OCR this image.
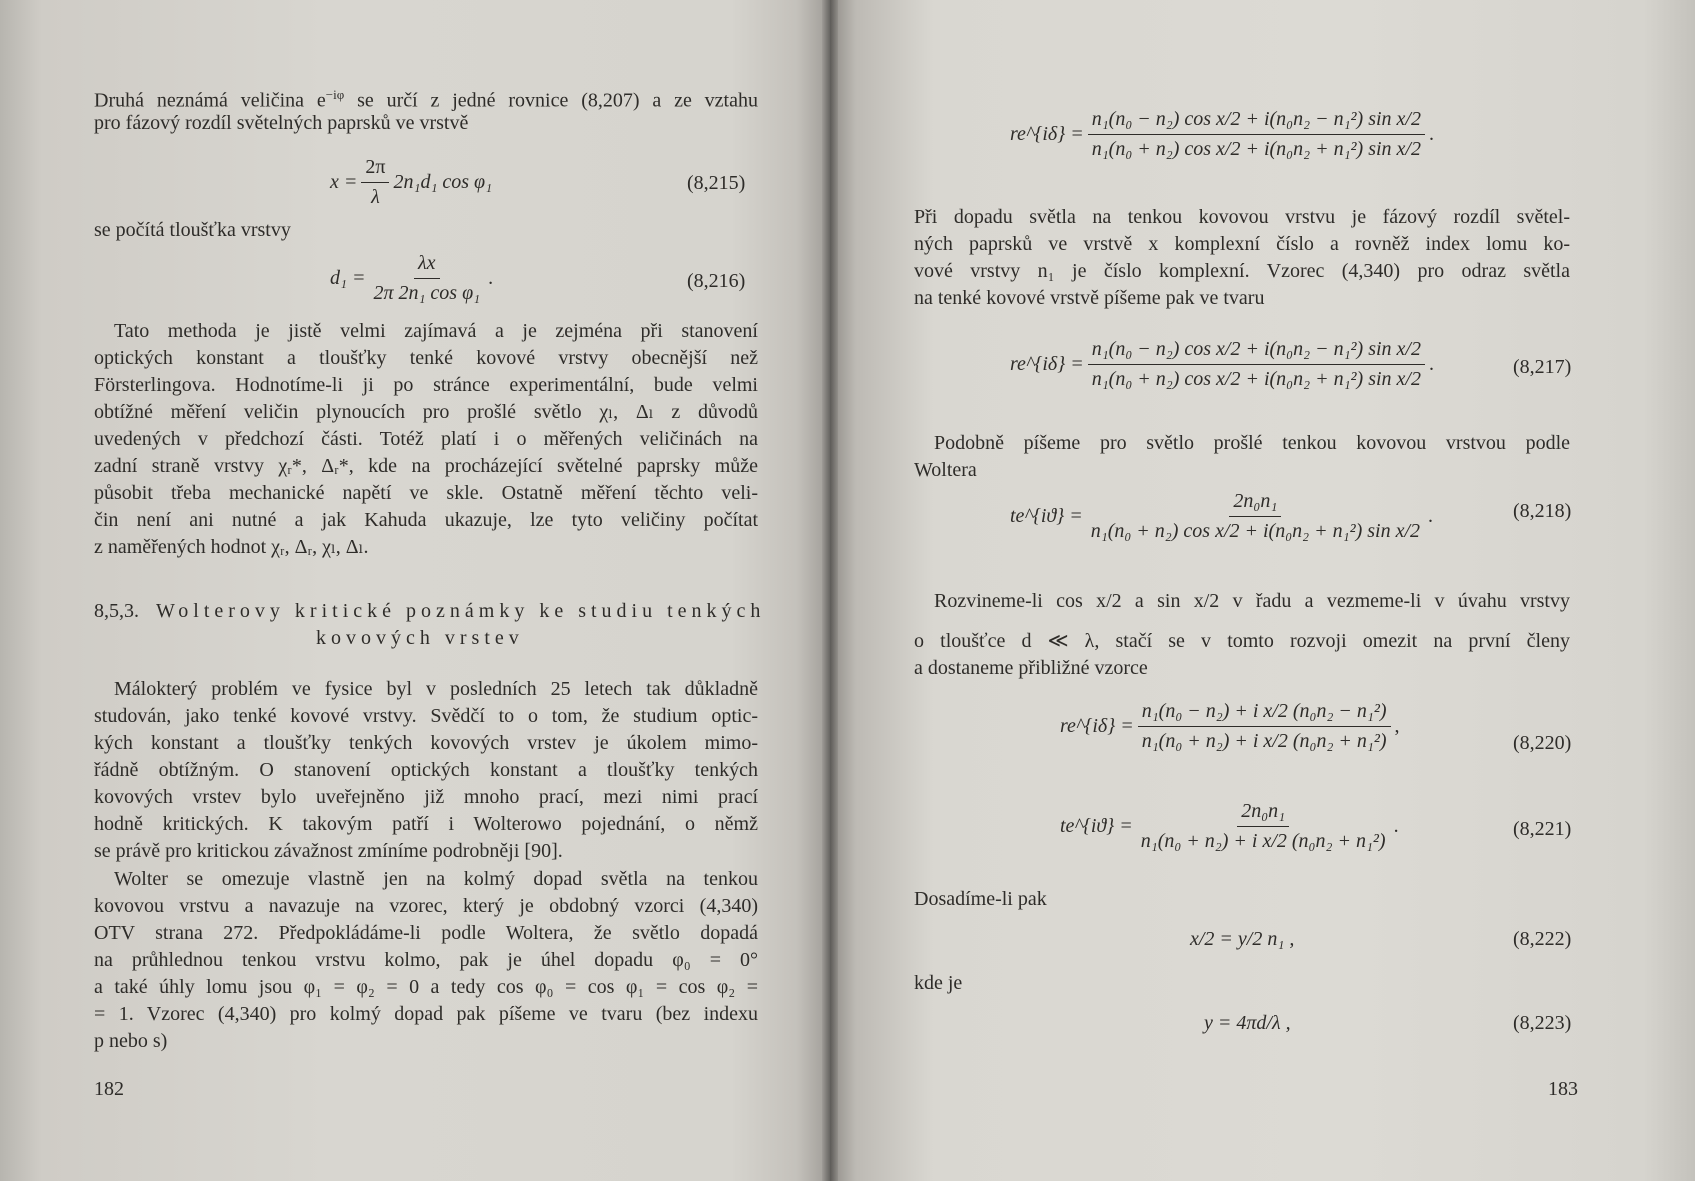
Druhá neznámá veličina $e^{-i\varphi}$ se určí z jedné rovnice (8,207) a ze vztahu
pro fázový rozdíl světelných paprsků ve vrstvě
$x = \frac{2\pi}{\lambda} 2n_1d_1$ cos φ₁	(8,215)
se počítá tloušťka vrstvy
$d_1 = \frac{\lambda x}{\text{2π 2n₁ cos φ₁}}$ .	(8,216)
Tato methoda je jistě velmi zajímavá a je zejména při stanovení
optických konstant a tloušťky tenké kovové vrstvy obecnější než
Försterlingova. Hodnotíme-li ji po stránce experimentální, bude velmi
obtížné měření veličin plynoucích pro prošlé světlo χₗ, Δₗ z důvodů
uvedených v předchozí části. Totéž platí i o měřených veličinách na
zadní straně vrstvy χᵣ*, Δᵣ*, kde na procházející světelné paprsky může
působit třeba mechanické napětí ve skle. Ostatně měření těchto veli-
čin není ani nutné a jak Kahuda ukazuje, lze tyto veličiny počítat
z naměřených hodnot χᵣ, Δᵣ, χₗ, Δₗ.
8,5,3. Wolterovy kritické poznámky ke studiu tenkých
kovových vrstev
Málokterý problém ve fysice byl v posledních 25 letech tak důkladně
studován, jako tenké kovové vrstvy. Svědčí to o tom, že studium optic-
kých konstant a tloušťky tenkých kovových vrstev je úkolem mimo-
řádně obtížným. O stanovení optických konstant a tloušťky tenkých
kovových vrstev bylo uveřejněno již mnoho prací, mezi nimi prací
hodně kritických. K takovým patří i Wolterowo pojednání, o němž
se právě pro kritickou závažnost zmíníme podrobněji [90].
Wolter se omezuje vlastně jen na kolmý dopad světla na tenkou
kovovou vrstvu a navazuje na vzorec, který je obdobný vzorci (4,340)
OTV strana 272. Předpokládáme-li podle Woltera, že světlo dopadá
na průhlednou tenkou vrstvu kolmo, pak je úhel dopadu φ₀ = 0°
a také úhly lomu jsou φ₁ = φ₂ = 0 a tedy cos φ₀ = cos φ₁ = cos φ₂ =
= 1. Vzorec (4,340) pro kolmý dopad pak píšeme ve tvaru (bez indexu
p nebo s)
182
re^{iδ} = $\frac{\text{n₁(n₀ − n₂) cos x/2 + i(n₀n₂ − n₁²) sin x/2}}{\text{n₁(n₀ + n₂) cos x/2 + i(n₀n₂ + n₁²) sin x/2}}$ .
Při dopadu světla na tenkou kovovou vrstvu je fázový rozdíl světel-
ných paprsků ve vrstvě x komplexní číslo a rovněž index lomu ko-
vové vrstvy n₁ je číslo komplexní. Vzorec (4,340) pro odraz světla
na tenké kovové vrstvě píšeme pak ve tvaru
re^{iδ} = $\frac{\text{n₁(n₀ − n₂) cos x/2 + i(n₀n₂ − n₁²) sin x/2}}{\text{n₁(n₀ + n₂) cos x/2 + i(n₀n₂ + n₁²) sin x/2}}$ .	(8,217)
Podobně píšeme pro světlo prošlé tenkou kovovou vrstvou podle
Woltera
te^{iϑ} = $\frac{\text{2n₀n₁}}{\text{n₁(n₀ + n₂) cos x/2 + i(n₀n₂ + n₁²) sin x/2}}$ .	(8,218)
Rozvineme-li cos x/2 a sin x/2 v řadu a vezmeme-li v úvahu vrstvy
o tloušťce d ≪ λ, stačí se v tomto rozvoji omezit na první členy
a dostaneme přibližné vzorce
re^{iδ} = $\frac{\text{n₁(n₀ − n₂) + i x/2 (n₀n₂ − n₁²)}}{\text{n₁(n₀ + n₂) + i x/2 (n₀n₂ + n₁²)}}$ ,
(8,220)
te^{iϑ} = $\frac{\text{2n₀n₁}}{\text{n₁(n₀ + n₂) + i x/2 (n₀n₂ + n₁²)}}$ .	(8,221)
Dosadíme-li pak
x/2 = y/2 n₁ ,	(8,222)
kde je
y = 4πd/λ ,	(8,223)
183
